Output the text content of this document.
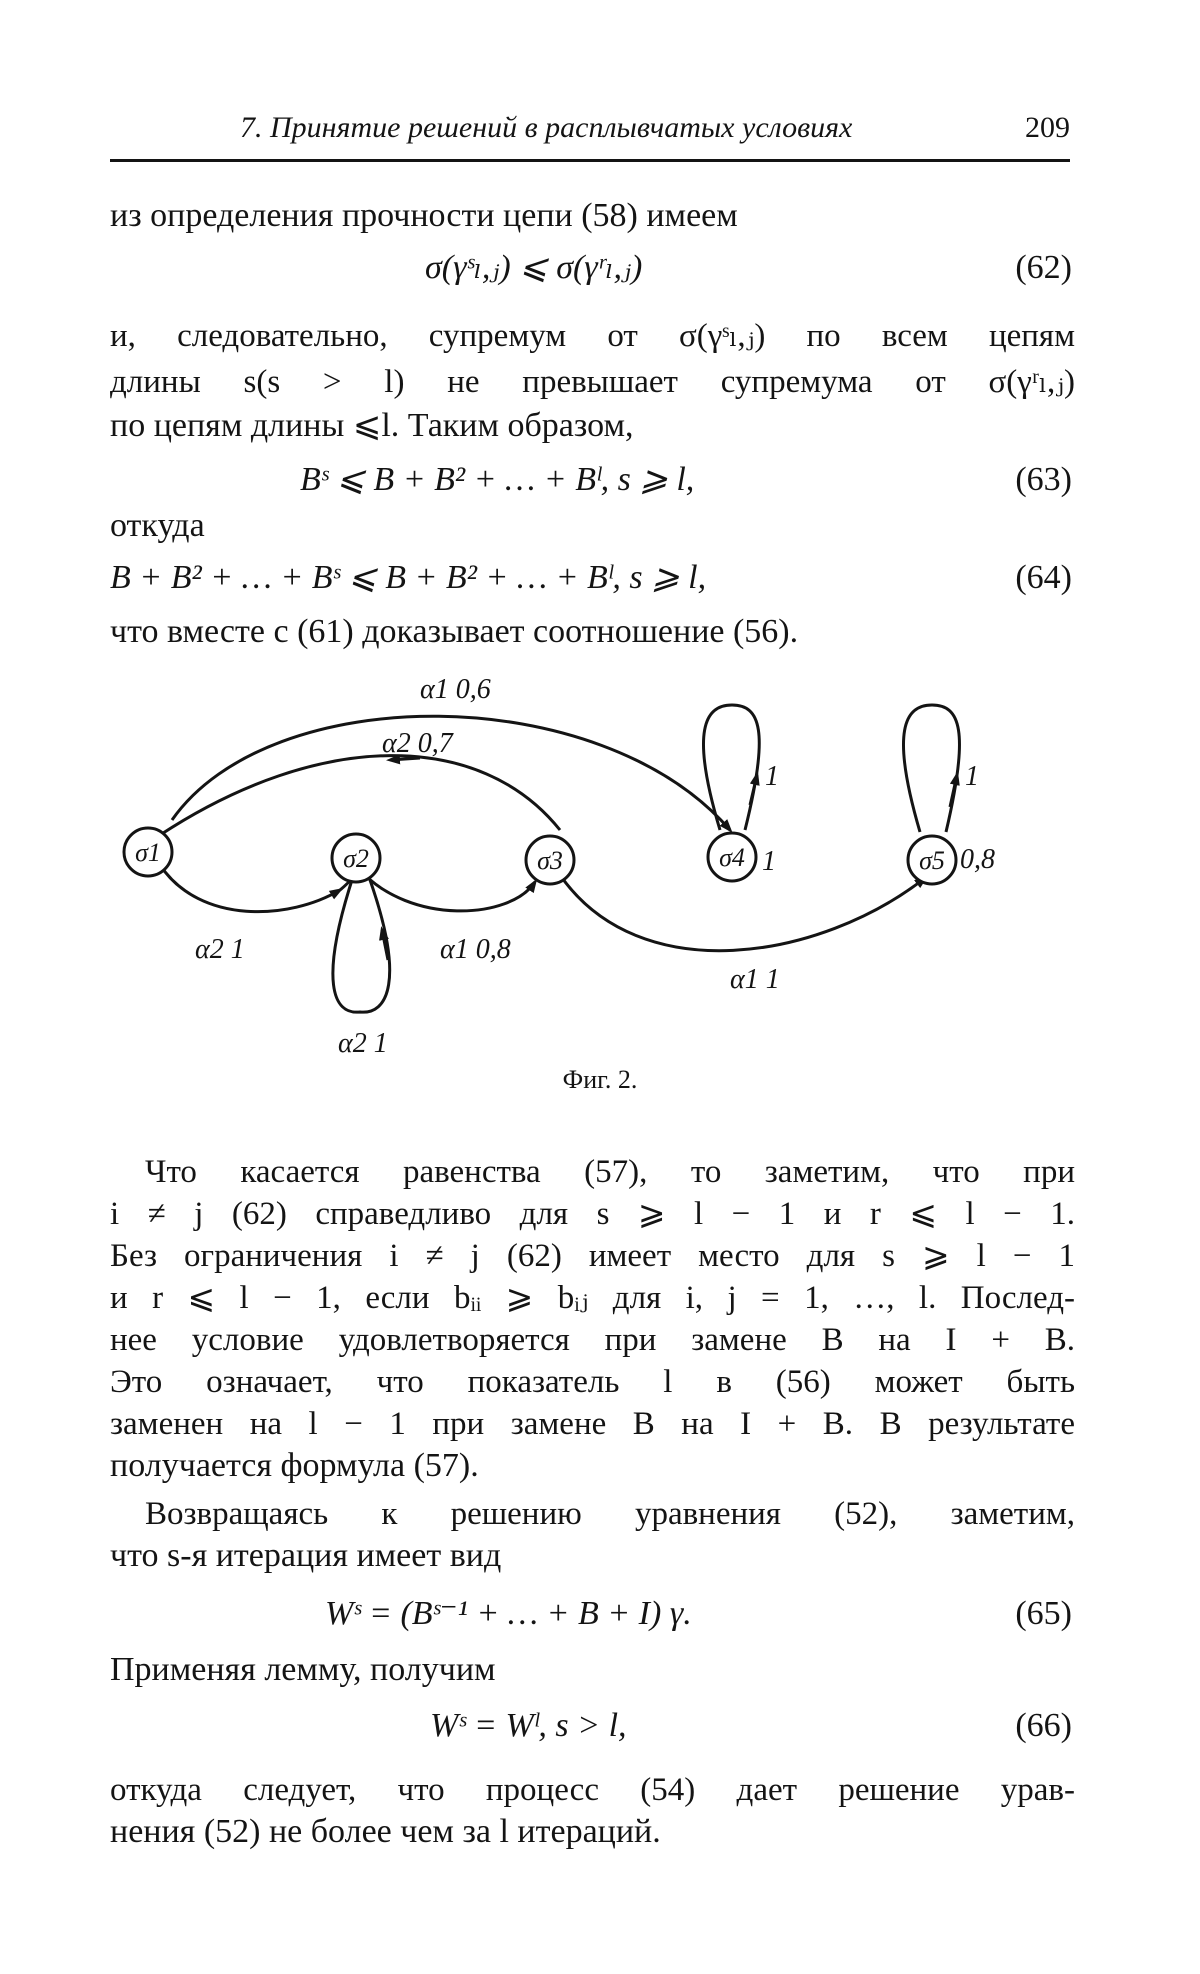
7. Принятие решений в расплывчатых условиях	209
из определения прочности цепи (58) имеем
σ(γˢₗ,ⱼ) ⩽ σ(γʳₗ,ⱼ)	(62)
и, следовательно, супремум от σ(γˢₗ,ⱼ) по всем цепям
длины s(s > l) не превышает супремума от σ(γʳₗ,ⱼ)
по цепям длины ⩽l. Таким образом,
Bˢ ⩽ B + B² + … + Bˡ, s ⩾ l,	(63)
откуда
B + B² + … + Bˢ ⩽ B + B² + … + Bˡ, s ⩾ l,	(64)
что вместе с (61) доказывает соотношение (56).
σ1	σ2	σ3	σ4	σ5
α1 0,6
α2 0,7
α2 1
α2 1
α1 0,8
α1 1
1
1
1
0,8
Фиг. 2.
Что касается равенства (57), то заметим, что при
i ≠ j (62) справедливо для s ⩾ l − 1 и r ⩽ l − 1.
Без ограничения i ≠ j (62) имеет место для s ⩾ l − 1
и r ⩽ l − 1, если bᵢᵢ ⩾ bᵢⱼ для i, j = 1, …, l. Послед-
нее условие удовлетворяется при замене B на I + B.
Это означает, что показатель l в (56) может быть
заменен на l − 1 при замене B на I + B. В результате
получается формула (57).
Возвращаясь к решению уравнения (52), заметим,
что s-я итерация имеет вид
Wˢ = (Bˢ⁻¹ + … + B + I) γ.	(65)
Применяя лемму, получим
Wˢ = Wˡ, s > l,	(66)
откуда следует, что процесс (54) дает решение урав-
нения (52) не более чем за l итераций.
